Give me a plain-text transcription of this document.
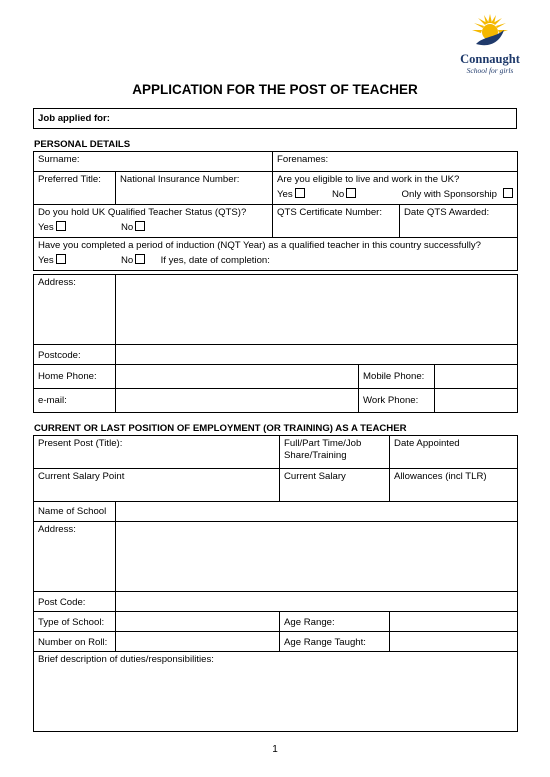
Connaught
School for girls
APPLICATION FOR THE POST OF TEACHER
Job applied for:
PERSONAL DETAILS
Surname:		Forenames:	
Preferred Title:	National Insurance Number:	Are you eligible to live and work in the UK?
Yes No Only with Sponsorship	

Do you hold UK Qualified Teacher Status (QTS)?
Yes No		QTS Certificate Number:	Date QTS Awarded:

Have you completed a period of induction (NQT Year) as a qualified teacher in this country successfully?
Yes No If yes, date of completion:			
Address:			
Postcode:			
Home Phone:		Mobile Phone:	
e-mail:		Work Phone:	
CURRENT OR LAST POSITION OF EMPLOYMENT (OR TRAINING) AS A TEACHER
Present Post (Title):		Full/Part Time/Job Share/Training	Date Appointed
Current Salary Point		Current Salary	Allowances (incl TLR)
Name of School			
Address:			
Post Code:			
Type of School:		Age Range:	
Number on Roll:		Age Range Taught:	
Brief description of duties/responsibilities:			
1
